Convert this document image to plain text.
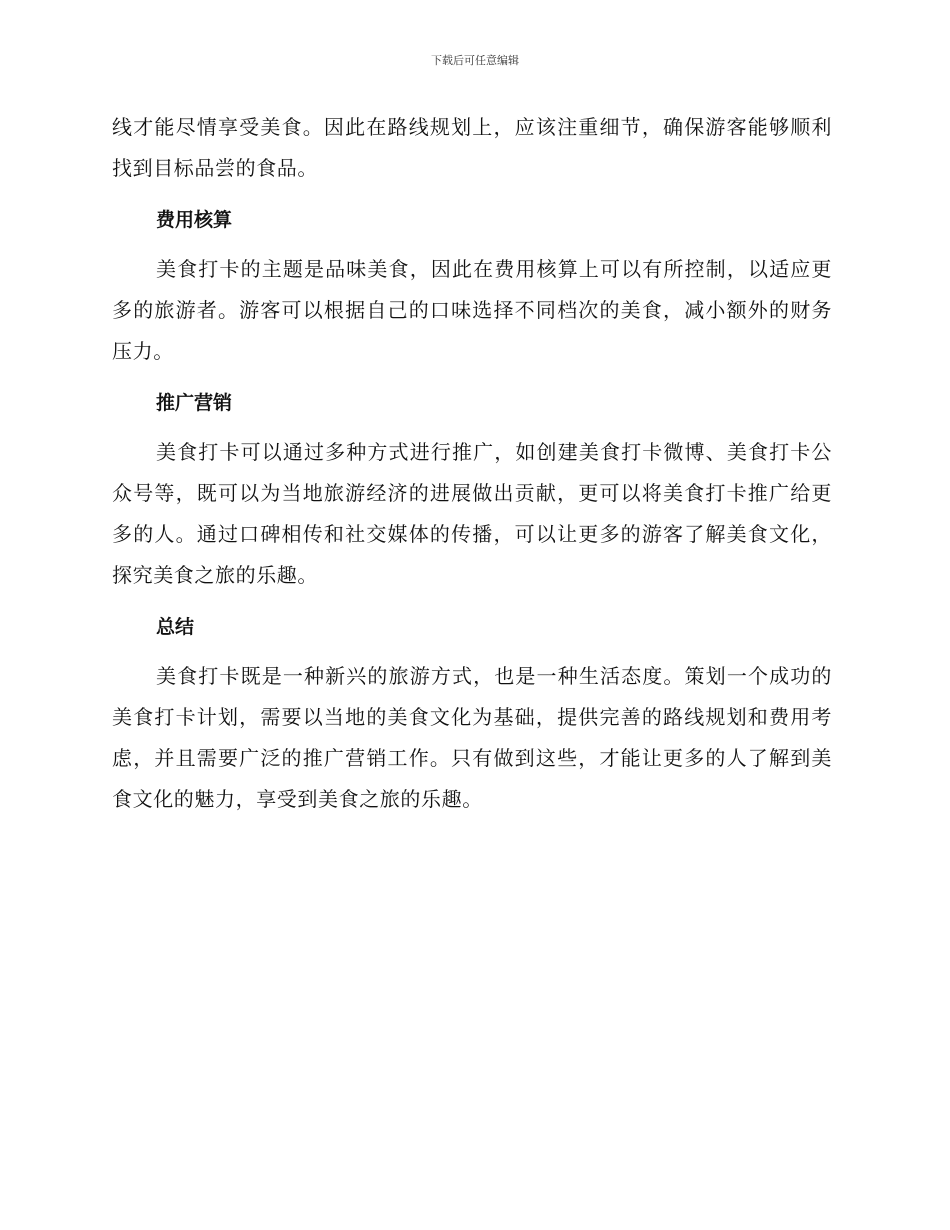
下载后可任意编辑

线才能尽情享受美食。因此在路线规划上，应该注重细节，确保游客能够顺利找到目标品尝的食品。

费用核算

美食打卡的主题是品味美食，因此在费用核算上可以有所控制，以适应更多的旅游者。游客可以根据自己的口味选择不同档次的美食，减小额外的财务压力。

推广营销

美食打卡可以通过多种方式进行推广，如创建美食打卡微博、美食打卡公众号等，既可以为当地旅游经济的进展做出贡献，更可以将美食打卡推广给更多的人。通过口碑相传和社交媒体的传播，可以让更多的游客了解美食文化，探究美食之旅的乐趣。

总结

美食打卡既是一种新兴的旅游方式，也是一种生活态度。策划一个成功的美食打卡计划，需要以当地的美食文化为基础，提供完善的路线规划和费用考虑，并且需要广泛的推广营销工作。只有做到这些，才能让更多的人了解到美食文化的魅力，享受到美食之旅的乐趣。
